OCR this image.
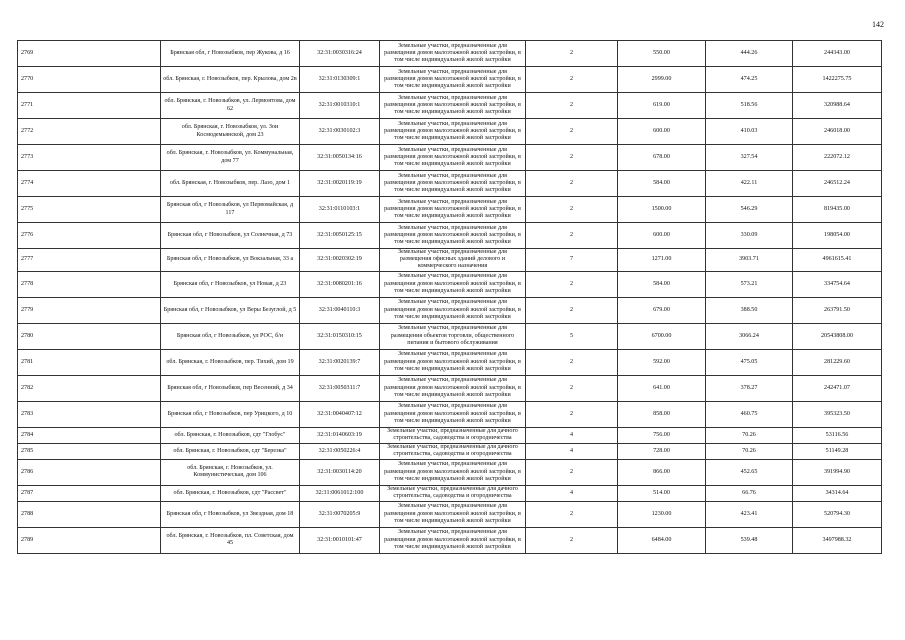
142
2769	Брянская обл, г Новозыбков, пер Жукова, д 16	32:31:0030316:24	Земельные участки, предназначенные для размещения домов малоэтажной жилой застройки, в том числе индивидуальной жилой застройки	2	550.00	444.26	244343.00
2770	обл. Брянская, г. Новозыбков, пер. Крылова, дом 2в	32:31:0130309:1	Земельные участки, предназначенные для размещения домов малоэтажной жилой застройки, в том числе индивидуальной жилой застройки	2	2999.00	474.25	1422275.75
2771	обл. Брянская, г. Новозыбков, ул. Лермонтова, дом 62	32:31:0010310:1	Земельные участки, предназначенные для размещения домов малоэтажной жилой застройки, в том числе индивидуальной жилой застройки	2	619.00	518.56	320988.64
2772	обл. Брянская, г. Новозыбков, ул. Зои Космодемьянской, дом 23	32:31:0030102:3	Земельные участки, предназначенные для размещения домов малоэтажной жилой застройки, в том числе индивидуальной жилой застройки	2	600.00	410.03	246018.00
2773	обл. Брянская, г. Новозыбков, ул. Коммунальная, дом 77	32:31:0050134:16	Земельные участки, предназначенные для размещения домов малоэтажной жилой застройки, в том числе индивидуальной жилой застройки	2	678.00	327.54	222072.12
2774	обл. Брянская, г. Новозыбков, пер. Лазо, дом 1	32:31:0020119:19	Земельные участки, предназначенные для размещения домов малоэтажной жилой застройки, в том числе индивидуальной жилой застройки	2	584.00	422.11	246512.24
2775	Брянская обл, г Новозыбков, ул Первомайская, д 117	32:31:0110103:1	Земельные участки, предназначенные для размещения домов малоэтажной жилой застройки, в том числе индивидуальной жилой застройки	2	1500.00	546.29	819435.00
2776	Брянская обл, г Новозыбков, ул Солнечная, д 73	32:31:0050125:15	Земельные участки, предназначенные для размещения домов малоэтажной жилой застройки, в том числе индивидуальной жилой застройки	2	600.00	330.09	198054.00
2777	Брянская обл, г Новозыбков, ул Вокзальная, 33 а	32:31:0020302:19	Земельные участки, предназначенные для размещения офисных зданий делового и коммерческого назначения	7	1271.00	3903.71	4961615.41
2778	Брянская обл, г Новозыбков, ул Новая, д 23	32:31:0080201:16	Земельные участки, предназначенные для размещения домов малоэтажной жилой застройки, в том числе индивидуальной жилой застройки	2	584.00	573.21	334754.64
2779	Брянская обл, г Новозыбков, ул Веры Безуглой, д 5	32:31:0040110:3	Земельные участки, предназначенные для размещения домов малоэтажной жилой застройки, в том числе индивидуальной жилой застройки	2	679.00	388.50	263791.50
2780	Брянская обл, г Новозыбков, ул РОС, б/н	32:31:0150310:15	Земельные участки, предназначенные для размещения объектов торговли, общественного питания и бытового обслуживания	5	6700.00	3066.24	20543808.00
2781	обл. Брянская, г. Новозыбков, пер. Тихий, дом 19	32:31:0020139:7	Земельные участки, предназначенные для размещения домов малоэтажной жилой застройки, в том числе индивидуальной жилой застройки	2	592.00	475.05	281229.60
2782	Брянская обл, г Новозыбков, пер Весенний, д 34	32:31:0050311:7	Земельные участки, предназначенные для размещения домов малоэтажной жилой застройки, в том числе индивидуальной жилой застройки	2	641.00	378.27	242471.07
2783	Брянская обл, г Новозыбков, пер Урицкого, д 10	32:31:0040407:12	Земельные участки, предназначенные для размещения домов малоэтажной жилой застройки, в том числе индивидуальной жилой застройки	2	858.00	460.75	395323.50
2784	обл. Брянская, г. Новозыбков, сдт "Глобус"	32:31:0140603:19	Земельные участки, предназначенные для дачного строительства, садоводства и огородничества	4	756.00	70.26	53116.56
2785	обл. Брянская, г. Новозыбков, сдт "Березка"	32:31:0050226:4	Земельные участки, предназначенные для дачного строительства, садоводства и огородничества	4	728.00	70.26	51149.28
2786	обл. Брянская, г. Новозыбков, ул. Коммунистическая, дом 106	32:31:0030114:20	Земельные участки, предназначенные для размещения домов малоэтажной жилой застройки, в том числе индивидуальной жилой застройки	2	866.00	452.65	391994.90
2787	обл. Брянская, г. Новозыбков, сдт "Рассвет"	32:31:0061012:100	Земельные участки, предназначенные для дачного строительства, садоводства и огородничества	4	514.00	66.76	34314.64
2788	Брянская обл, г Новозыбков, ул Звездная, дом 18	32:31:0070205:9	Земельные участки, предназначенные для размещения домов малоэтажной жилой застройки, в том числе индивидуальной жилой застройки	2	1230.00	423.41	520794.30
2789	обл. Брянская, г. Новозыбков, пл. Советская, дом 45	32:31:0010101:47	Земельные участки, предназначенные для размещения домов малоэтажной жилой застройки, в том числе индивидуальной жилой застройки	2	6484.00	539.48	3497988.32
